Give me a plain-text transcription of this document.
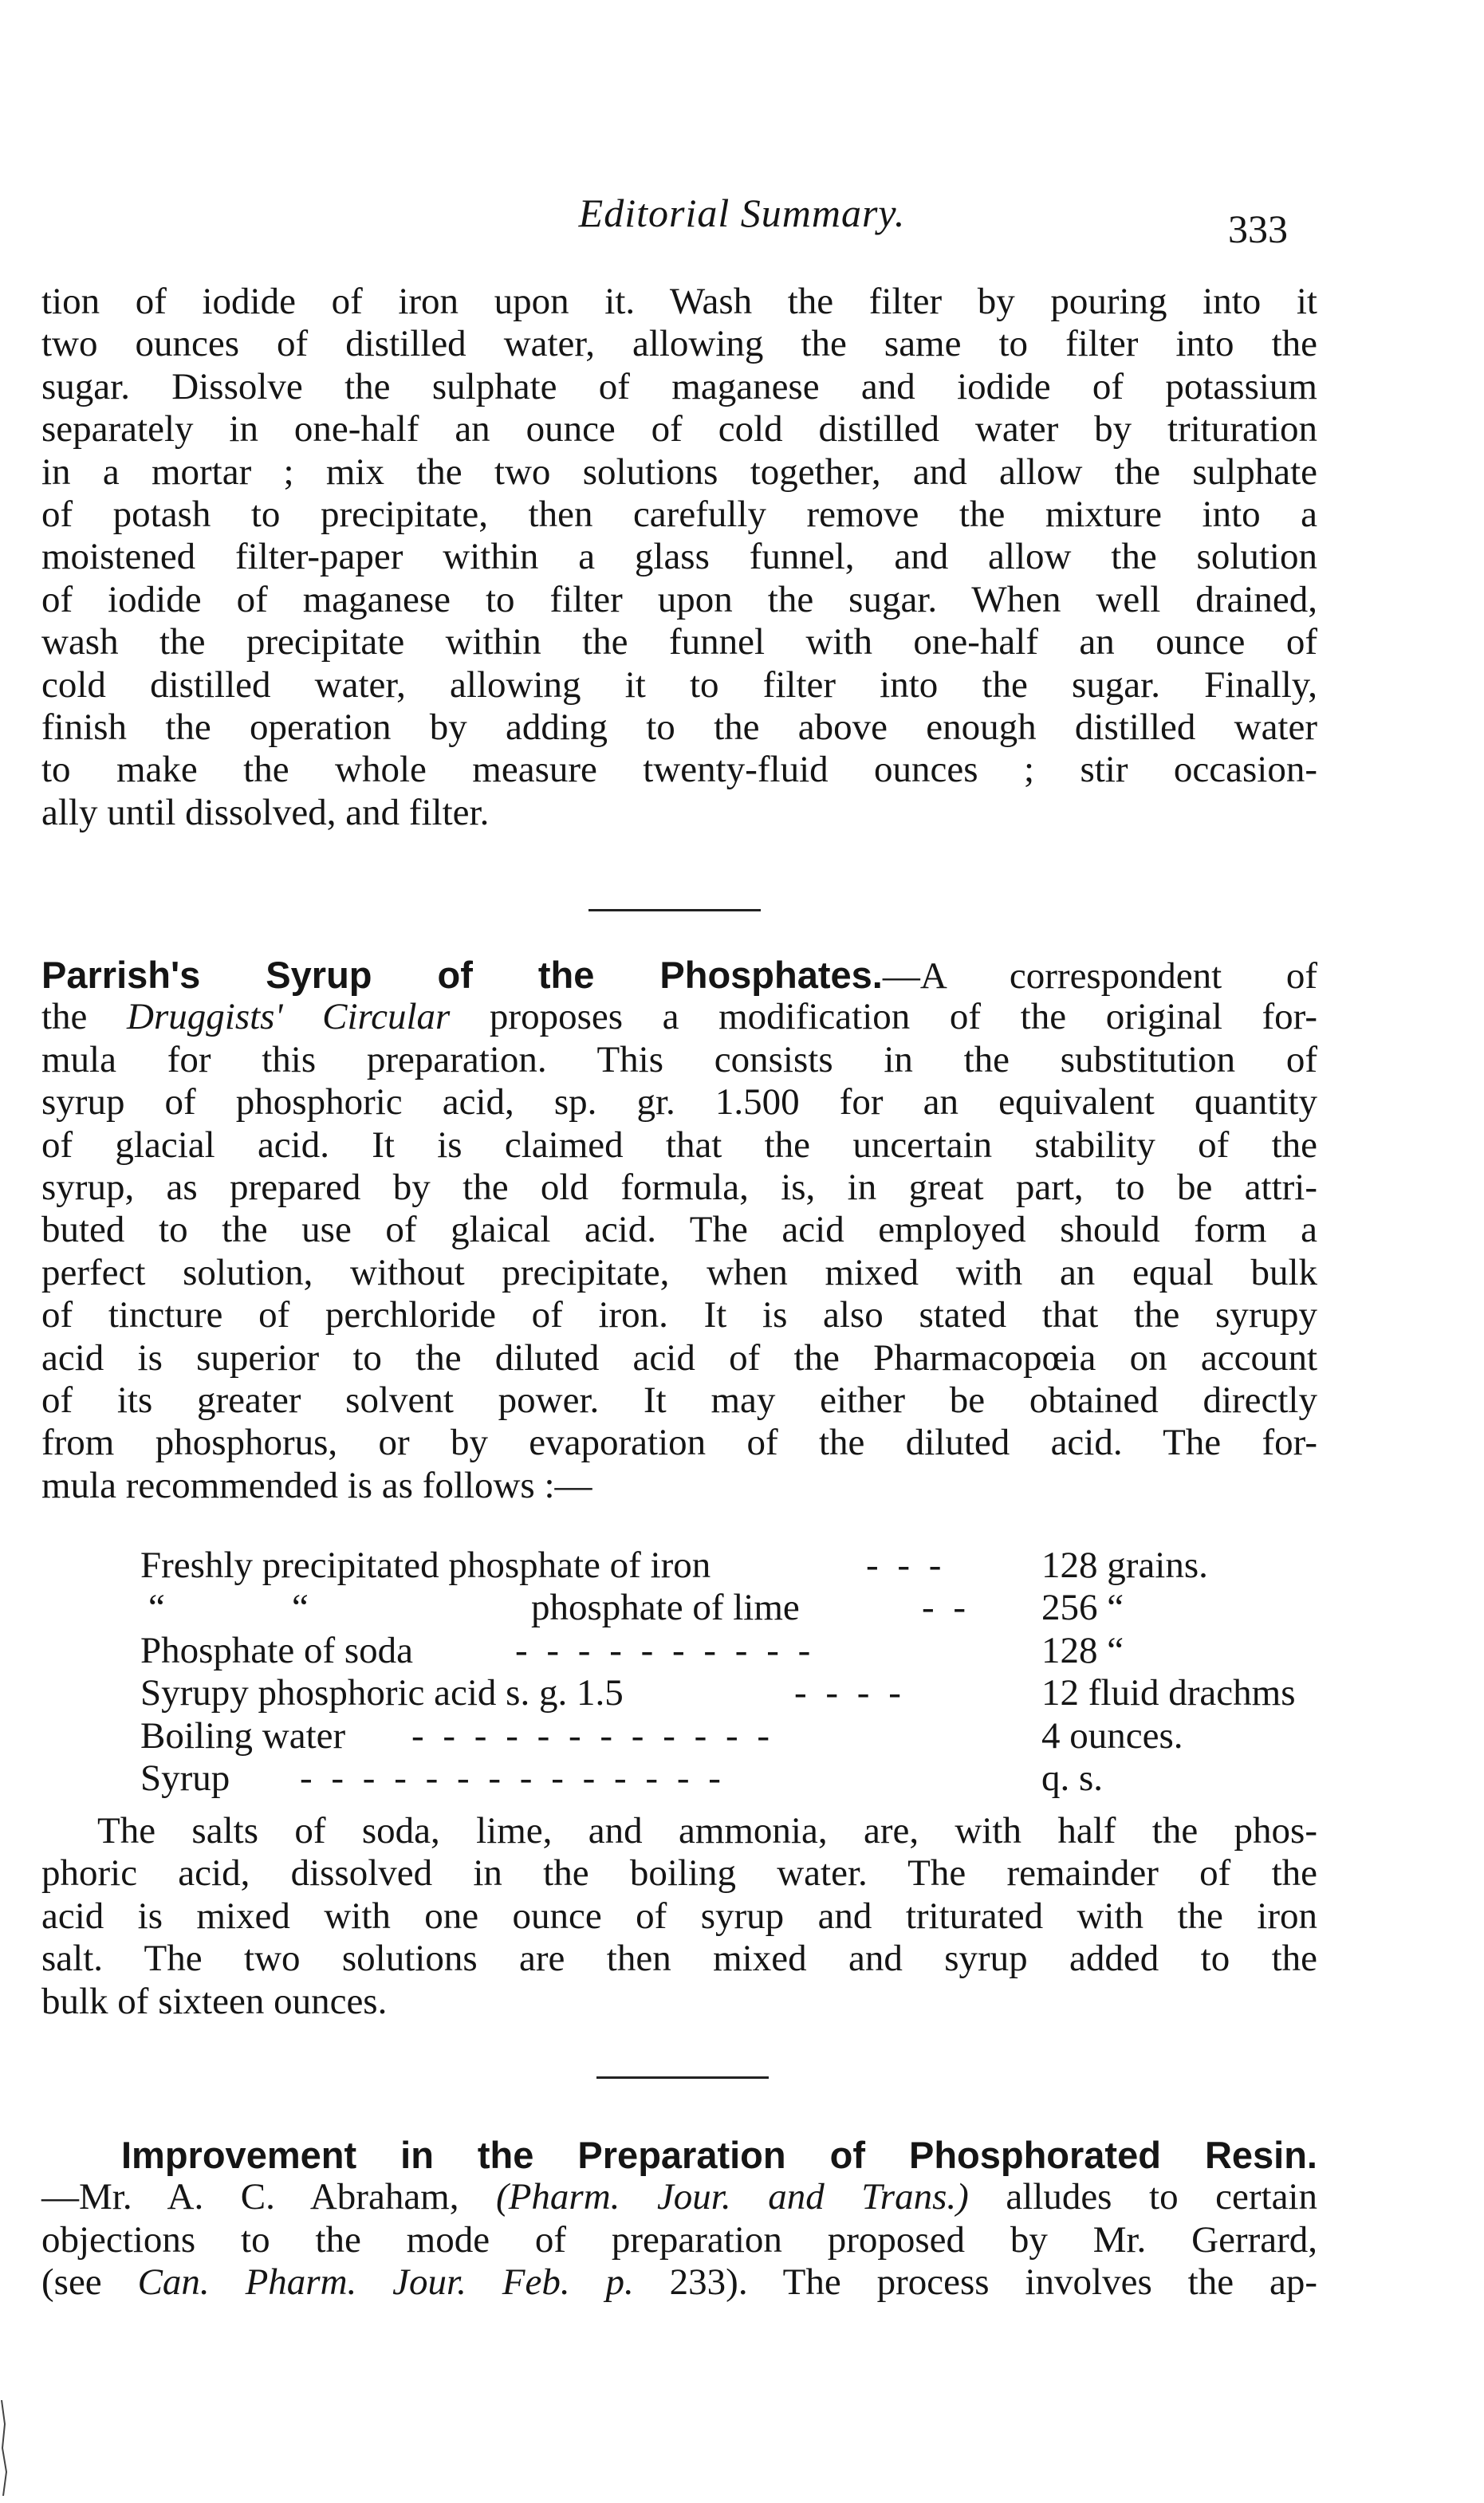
Editorial Summary.	333
tion of iodide of iron upon it. Wash the filter by pouring into it
two ounces of distilled water, allowing the same to filter into the
sugar. Dissolve the sulphate of maganese and iodide of potassium
separately in one-half an ounce of cold distilled water by trituration
in a mortar ; mix the two solutions together, and allow the sulphate
of potash to precipitate, then carefully remove the mixture into a
moistened filter-paper within a glass funnel, and allow the solution
of iodide of maganese to filter upon the sugar. When well drained,
wash the precipitate within the funnel with one-half an ounce of
cold distilled water, allowing it to filter into the sugar. Finally,
finish the operation by adding to the above enough distilled water
to make the whole measure twenty-fluid ounces ; stir occasion-
ally until dissolved, and filter.
Parrish's Syrup of the Phosphates.—A correspondent of
the Druggists' Circular proposes a modification of the original for-
mula for this preparation. This consists in the substitution of
syrup of phosphoric acid, sp. gr. 1.500 for an equivalent quantity
of glacial acid. It is claimed that the uncertain stability of the
syrup, as prepared by the old formula, is, in great part, to be attri-
buted to the use of glaical acid. The acid employed should form a
perfect solution, without precipitate, when mixed with an equal bulk
of tincture of perchloride of iron. It is also stated that the syrupy
acid is superior to the diluted acid of the Pharmacopœia on account
of its greater solvent power. It may either be obtained directly
from phosphorus, or by evaporation of the diluted acid. The for-
mula recommended is as follows :—
Freshly precipitated phosphate of iron	- - -	128 grains.
“	“	phosphate of lime	- - 256 “
Phosphate of soda	- - - - - - - - - -	128 “
Syrupy phosphoric acid s. g. 1.5	- - - -	12 fluid drachms
Boiling water - - - - - - - - - - - -	4 ounces.
Syrup - - - - - - - - - - - - - -	q. s.
The salts of soda, lime, and ammonia, are, with half the phos-
phoric acid, dissolved in the boiling water. The remainder of the
acid is mixed with one ounce of syrup and triturated with the iron
salt. The two solutions are then mixed and syrup added to the
bulk of sixteen ounces.
Improvement in the Preparation of Phosphorated Resin.
—Mr. A. C. Abraham, (Pharm. Jour. and Trans.) alludes to certain
objections to the mode of preparation proposed by Mr. Gerrard,
(see Can. Pharm. Jour. Feb. p. 233). The process involves the ap-
